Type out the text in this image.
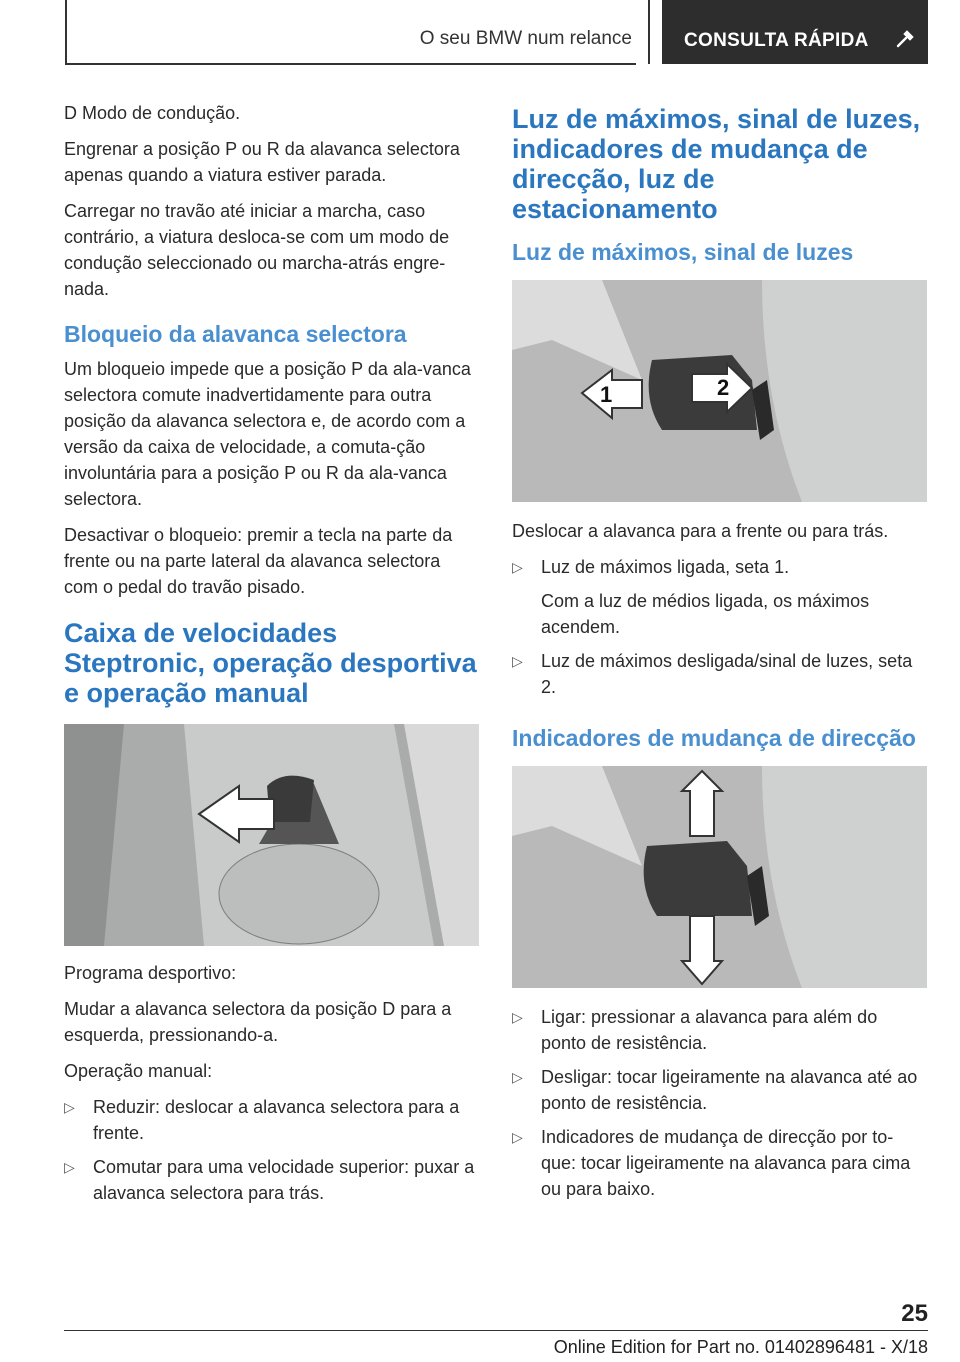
O seu BMW num relance	CONSULTA RÁPIDA

D Modo de condução.

Engrenar a posição P ou R da alavanca selectora apenas quando a viatura estiver parada.

Carregar no travão até iniciar a marcha, caso contrário, a viatura desloca-se com um modo de condução seleccionado ou marcha-atrás engre‐nada.

Bloqueio da alavanca selectora

Um bloqueio impede que a posição P da ala‐vanca selectora comute inadvertidamente para outra posição da alavanca selectora e, de acordo com a versão da caixa de velocidade, a comuta‐ção involuntária para a posição P ou R da ala‐vanca selectora.

Desactivar o bloqueio: premir a tecla na parte da frente ou na parte lateral da alavanca selectora com o pedal do travão pisado.

Caixa de velocidades Steptronic, operação desportiva e operação manual

Programa desportivo:

Mudar a alavanca selectora da posição D para a esquerda, pressionando-a.

Operação manual:

▷ Reduzir: deslocar a alavanca selectora para a frente.
▷ Comutar para uma velocidade superior: puxar a alavanca selectora para trás.
Luz de máximos, sinal de luzes, indicadores de mudança de direcção, luz de estacionamento
Luz de máximos, sinal de luzes
1	2

Deslocar a alavanca para a frente ou para trás.

▷ Luz de máximos ligada, seta 1.
Com a luz de médios ligada, os máximos acendem.
▷ Luz de máximos desligada/sinal de luzes, seta 2.
Indicadores de mudança de direcção
▷ Ligar: pressionar a alavanca para além do ponto de resistência.
▷ Desligar: tocar ligeiramente na alavanca até ao ponto de resistência.
▷ Indicadores de mudança de direcção por to‐que: tocar ligeiramente na alavanca para cima ou para baixo.
25
Online Edition for Part no. 01402896481 - X/18
